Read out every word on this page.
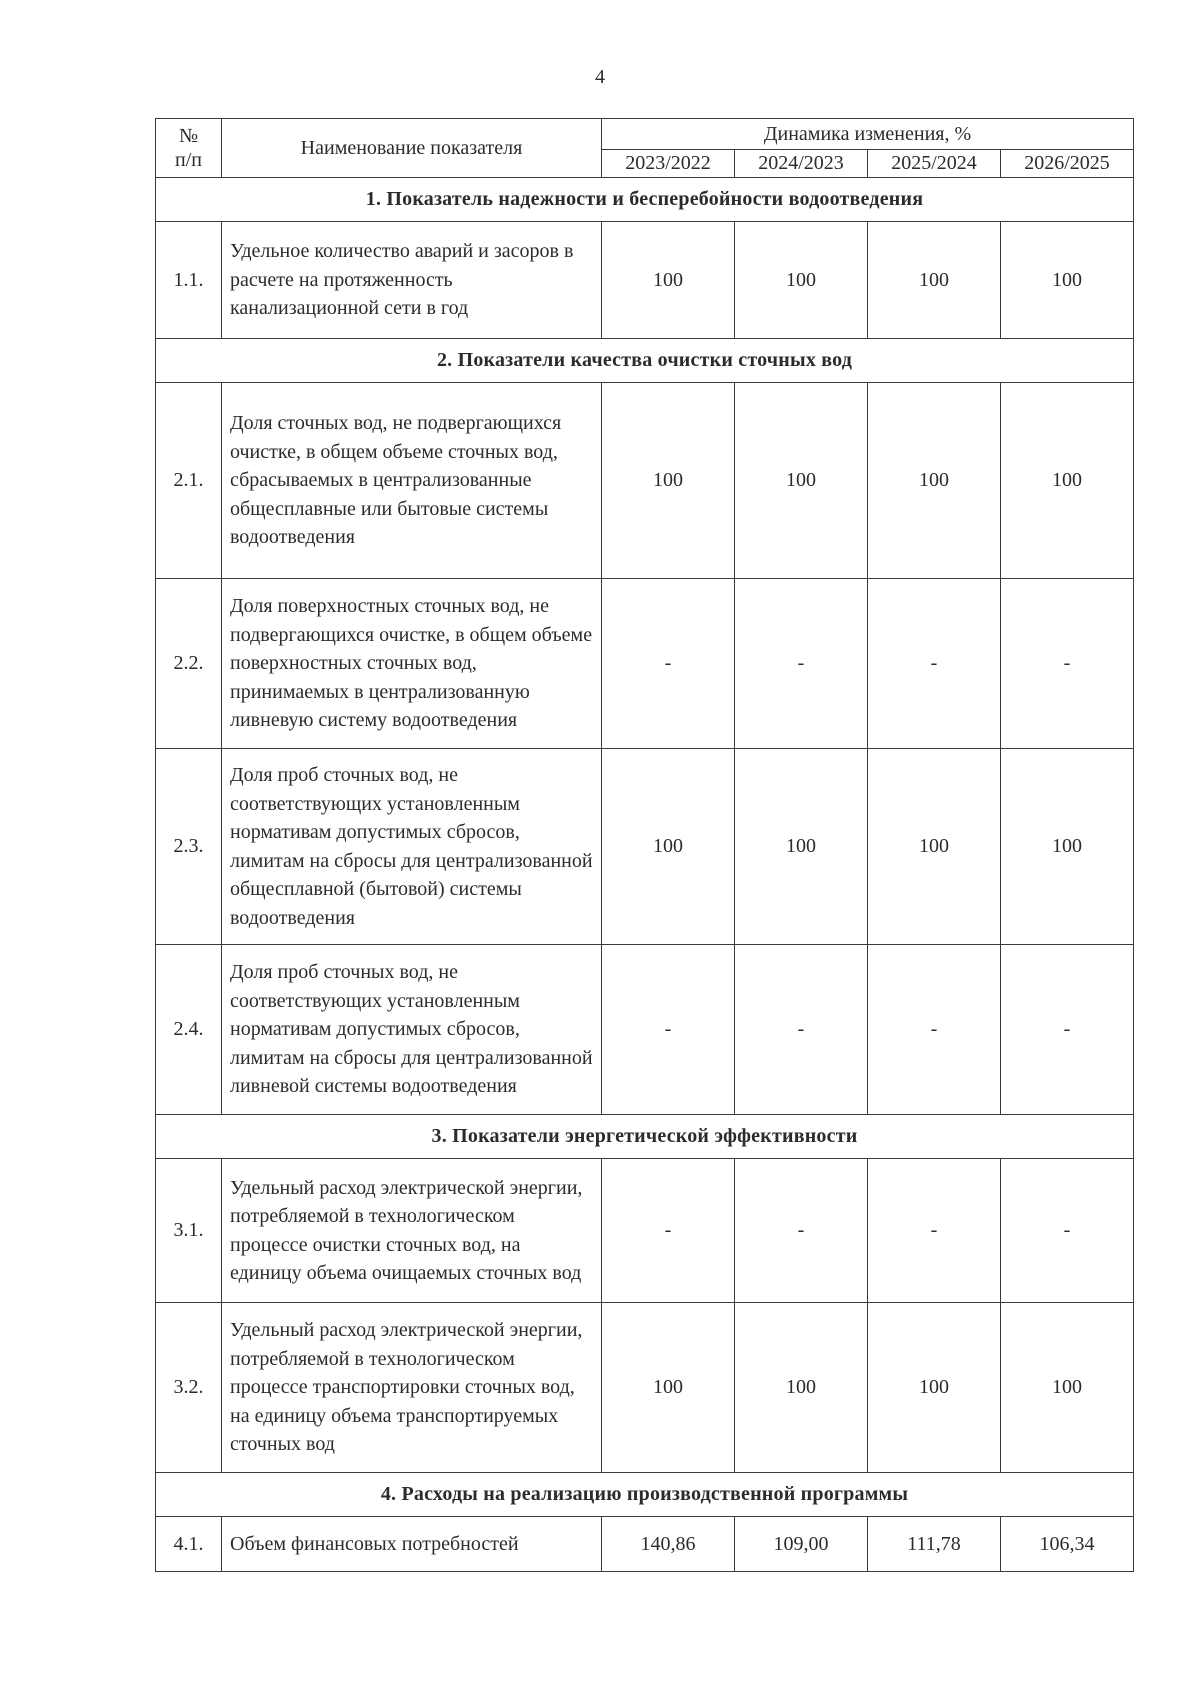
4
№
п/п	Наименование показателя	Динамика изменения, %			
		2023/2022	2024/2023	2025/2024	2026/2025
1. Показатель надежности и бесперебойности водоотведения					
1.1.	Удельное количество аварий и засоров в расчете на протяженность канализационной сети в год	100	100	100	100
2. Показатели качества очистки сточных вод					
2.1.	Доля сточных вод, не подвергающихся очистке, в общем объеме сточных вод, сбрасываемых в централизованные общесплавные или бытовые системы водоотведения	100	100	100	100
2.2.	Доля поверхностных сточных вод, не подвергающихся очистке, в общем объеме поверхностных сточных вод, принимаемых в централизованную ливневую систему водоотведения	-	-	-	-
2.3.	Доля проб сточных вод, не соответствующих установленным нормативам допустимых сбросов, лимитам на сбросы для централизованной общесплавной (бытовой) системы водоотведения	100	100	100	100
2.4.	Доля проб сточных вод, не соответствующих установленным нормативам допустимых сбросов, лимитам на сбросы для централизованной ливневой системы водоотведения	-	-	-	-
3. Показатели энергетической эффективности					
3.1.	Удельный расход электрической энергии, потребляемой в технологическом процессе очистки сточных вод, на единицу объема очищаемых сточных вод	-	-	-	-
3.2.	Удельный расход электрической энергии, потребляемой в технологическом процессе транспортировки сточных вод, на единицу объема транспортируемых сточных вод	100	100	100	100
4. Расходы на реализацию производственной программы					
4.1.	Объем финансовых потребностей	140,86	109,00	111,78	106,34
